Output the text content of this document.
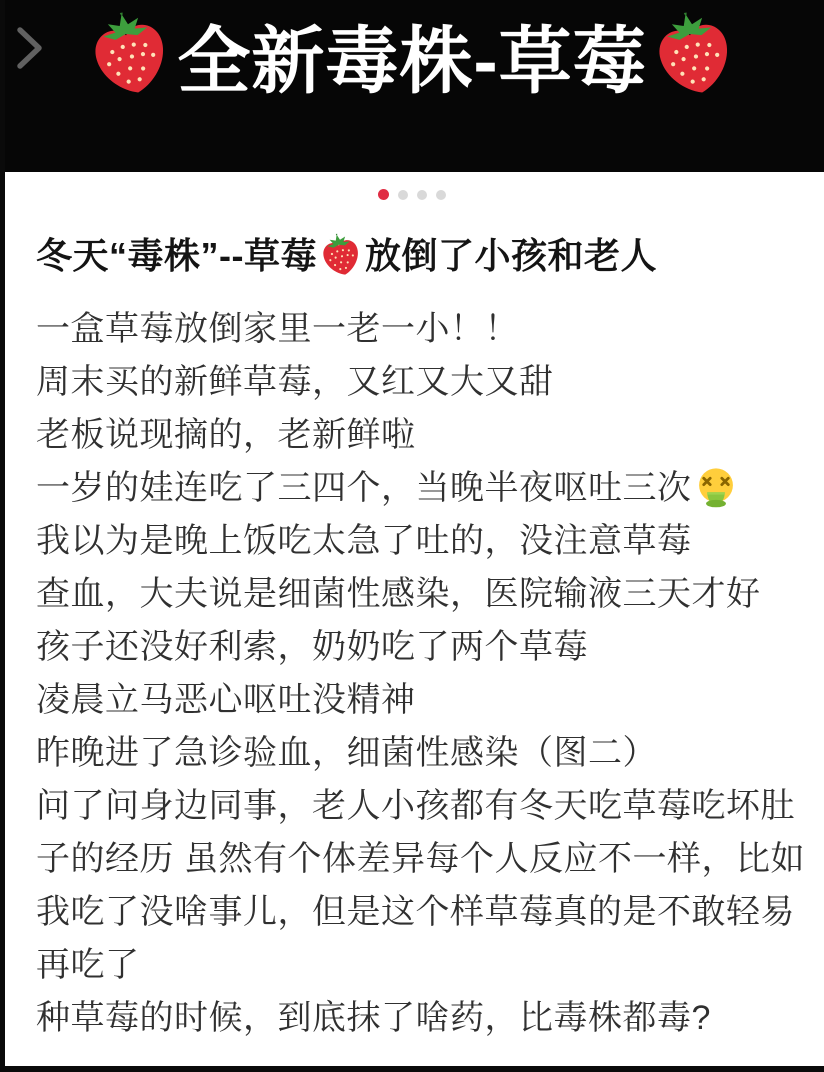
全新毒株-草莓
冬天“毒株”--草莓 放倒了小孩和老人

一盒草莓放倒家里一老一小！！

周末买的新鲜草莓，又红又大又甜

老板说现摘的，老新鲜啦

一岁的娃连吃了三四个，当晚半夜呕吐三次

我以为是晚上饭吃太急了吐的，没注意草莓

查血，大夫说是细菌性感染，医院输液三天才好

孩子还没好利索，奶奶吃了两个草莓

凌晨立马恶心呕吐没精神

昨晚进了急诊验血，细菌性感染（图二）

问了问身边同事，老人小孩都有冬天吃草莓吃坏肚

子的经历 虽然有个体差异每个人反应不一样，比如

我吃了没啥事儿，但是这个样草莓真的是不敢轻易

再吃了

种草莓的时候，到底抹了啥药，比毒株都毒?
